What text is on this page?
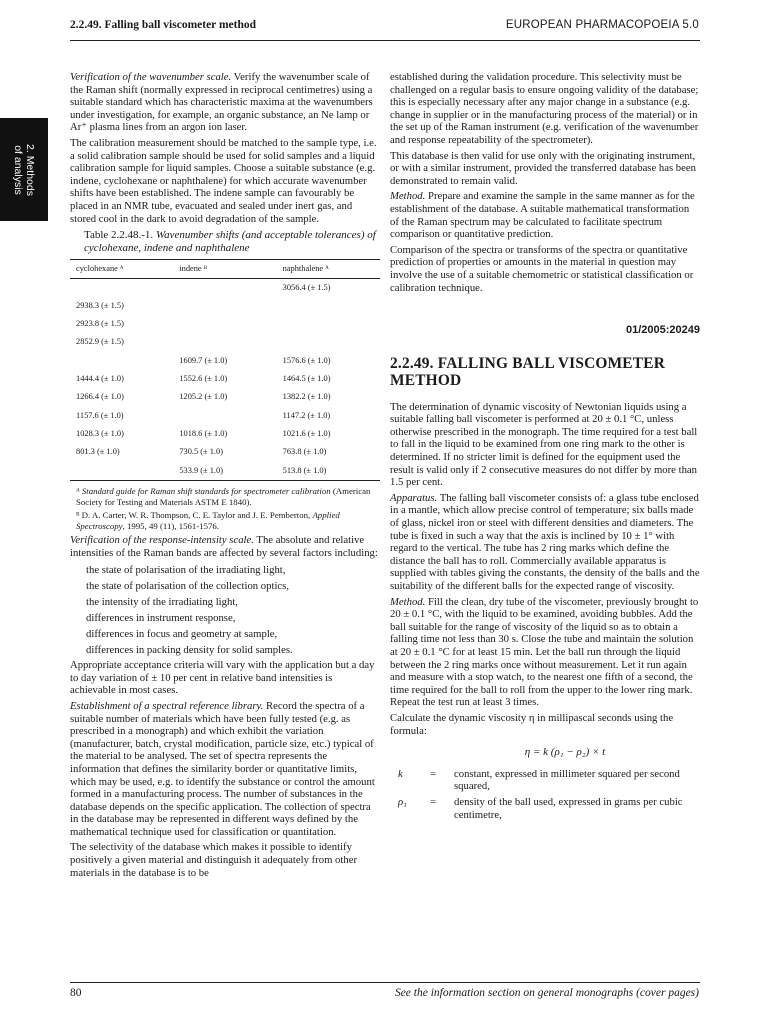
2.2.49. Falling ball viscometer method	EUROPEAN PHARMACOPOEIA 5.0
2. Methods
of analysis

Verification of the wavenumber scale. Verify the wavenumber scale of the Raman shift (normally expressed in reciprocal centimetres) using a suitable standard which has characteristic maxima at the wavenumbers under investigation, for example, an organic substance, an Ne lamp or Ar⁺ plasma lines from an argon ion laser.

The calibration measurement should be matched to the sample type, i.e. a solid calibration sample should be used for solid samples and a liquid calibration sample for liquid samples. Choose a suitable substance (e.g. indene, cyclohexane or naphthalene) for which accurate wavenumber shifts have been established. The indene sample can favourably be placed in an NMR tube, evacuated and sealed under inert gas, and stored cool in the dark to avoid degradation of the sample.

Table 2.2.48.-1. Wavenumber shifts (and acceptable tolerances) of cyclohexane, indene and naphthalene
cyclohexane ᴬ	indene ᴮ	naphthalene ᴬ
		3056.4 (± 1.5)
2938.3 (± 1.5)		
2923.8 (± 1.5)		
2852.9 (± 1.5)		
	1609.7 (± 1.0)	1576.6 (± 1.0)
1444.4 (± 1.0)	1552.6 (± 1.0)	1464.5 (± 1.0)
1266.4 (± 1.0)	1205.2 (± 1.0)	1382.2 (± 1.0)
1157.6 (± 1.0)		1147.2 (± 1.0)
1028.3 (± 1.0)	1018.6 (± 1.0)	1021.6 (± 1.0)
801.3 (± 1.0)	730.5 (± 1.0)	763.8 (± 1.0)
	533.9 (± 1.0)	513.8 (± 1.0)

ᴬ Standard guide for Raman shift standards for spectrometer calibration (American Society for Testing and Materials ASTM E 1840).

ᴮ D. A. Carter, W. R. Thompson, C. E. Taylor and J. E. Pemberton, Applied Spectroscopy, 1995, 49 (11), 1561-1576.

Verification of the response-intensity scale. The absolute and relative intensities of the Raman bands are affected by several factors including:

the state of polarisation of the irradiating light,
the state of polarisation of the collection optics,
the intensity of the irradiating light,
differences in instrument response,
differences in focus and geometry at sample,
differences in packing density for solid samples.

Appropriate acceptance criteria will vary with the application but a day to day variation of ± 10 per cent in relative band intensities is achievable in most cases.

Establishment of a spectral reference library. Record the spectra of a suitable number of materials which have been fully tested (e.g. as prescribed in a monograph) and which exhibit the variation (manufacturer, batch, crystal modification, particle size, etc.) typical of the material to be analysed. The set of spectra represents the information that defines the similarity border or quantitative limits, which may be used, e.g. to identify the substance or control the amount formed in a manufacturing process. The number of substances in the database depends on the specific application. The collection of spectra in the database may be represented in different ways defined by the mathematical technique used for classification or quantitation.

The selectivity of the database which makes it possible to identify positively a given material and distinguish it adequately from other materials in the database is to be

established during the validation procedure. This selectivity must be challenged on a regular basis to ensure ongoing validity of the database; this is especially necessary after any major change in a substance (e.g. change in supplier or in the manufacturing process of the material) or in the set up of the Raman instrument (e.g. verification of the wavenumber and response repeatability of the spectrometer).

This database is then valid for use only with the originating instrument, or with a similar instrument, provided the transferred database has been demonstrated to remain valid.

Method. Prepare and examine the sample in the same manner as for the establishment of the database. A suitable mathematical transformation of the Raman spectrum may be calculated to facilitate spectrum comparison or quantitative prediction.

Comparison of the spectra or transforms of the spectra or quantitative prediction of properties or amounts in the material in question may involve the use of a suitable chemometric or statistical classification or calibration technique.

01/2005:20249
2.2.49. FALLING BALL VISCOMETER METHOD

The determination of dynamic viscosity of Newtonian liquids using a suitable falling ball viscometer is performed at 20 ± 0.1 °C, unless otherwise prescribed in the monograph. The time required for a test ball to fall in the liquid to be examined from one ring mark to the other is determined. If no stricter limit is defined for the equipment used the result is valid only if 2 consecutive measures do not differ by more than 1.5 per cent.

Apparatus. The falling ball viscometer consists of: a glass tube enclosed in a mantle, which allow precise control of temperature; six balls made of glass, nickel iron or steel with different densities and diameters. The tube is fixed in such a way that the axis is inclined by 10 ± 1° with regard to the vertical. The tube has 2 ring marks which define the distance the ball has to roll. Commercially available apparatus is supplied with tables giving the constants, the density of the balls and the suitability of the different balls for the expected range of viscosity.

Method. Fill the clean, dry tube of the viscometer, previously brought to 20 ± 0.1 °C, with the liquid to be examined, avoiding bubbles. Add the ball suitable for the range of viscosity of the liquid so as to obtain a falling time not less than 30 s. Close the tube and maintain the solution at 20 ± 0.1 °C for at least 15 min. Let the ball run through the liquid between the 2 ring marks once without measurement. Let it run again and measure with a stop watch, to the nearest one fifth of a second, the time required for the ball to roll from the upper to the lower ring mark. Repeat the test run at least 3 times.

Calculate the dynamic viscosity η in millipascal seconds using the formula:

η = k (ρ₁ − ρ₂) × t
k	=	constant, expressed in millimeter squared per second squared,
ρ₁	=	density of the ball used, expressed in grams per cubic centimetre,
80	See the information section on general monographs (cover pages)
